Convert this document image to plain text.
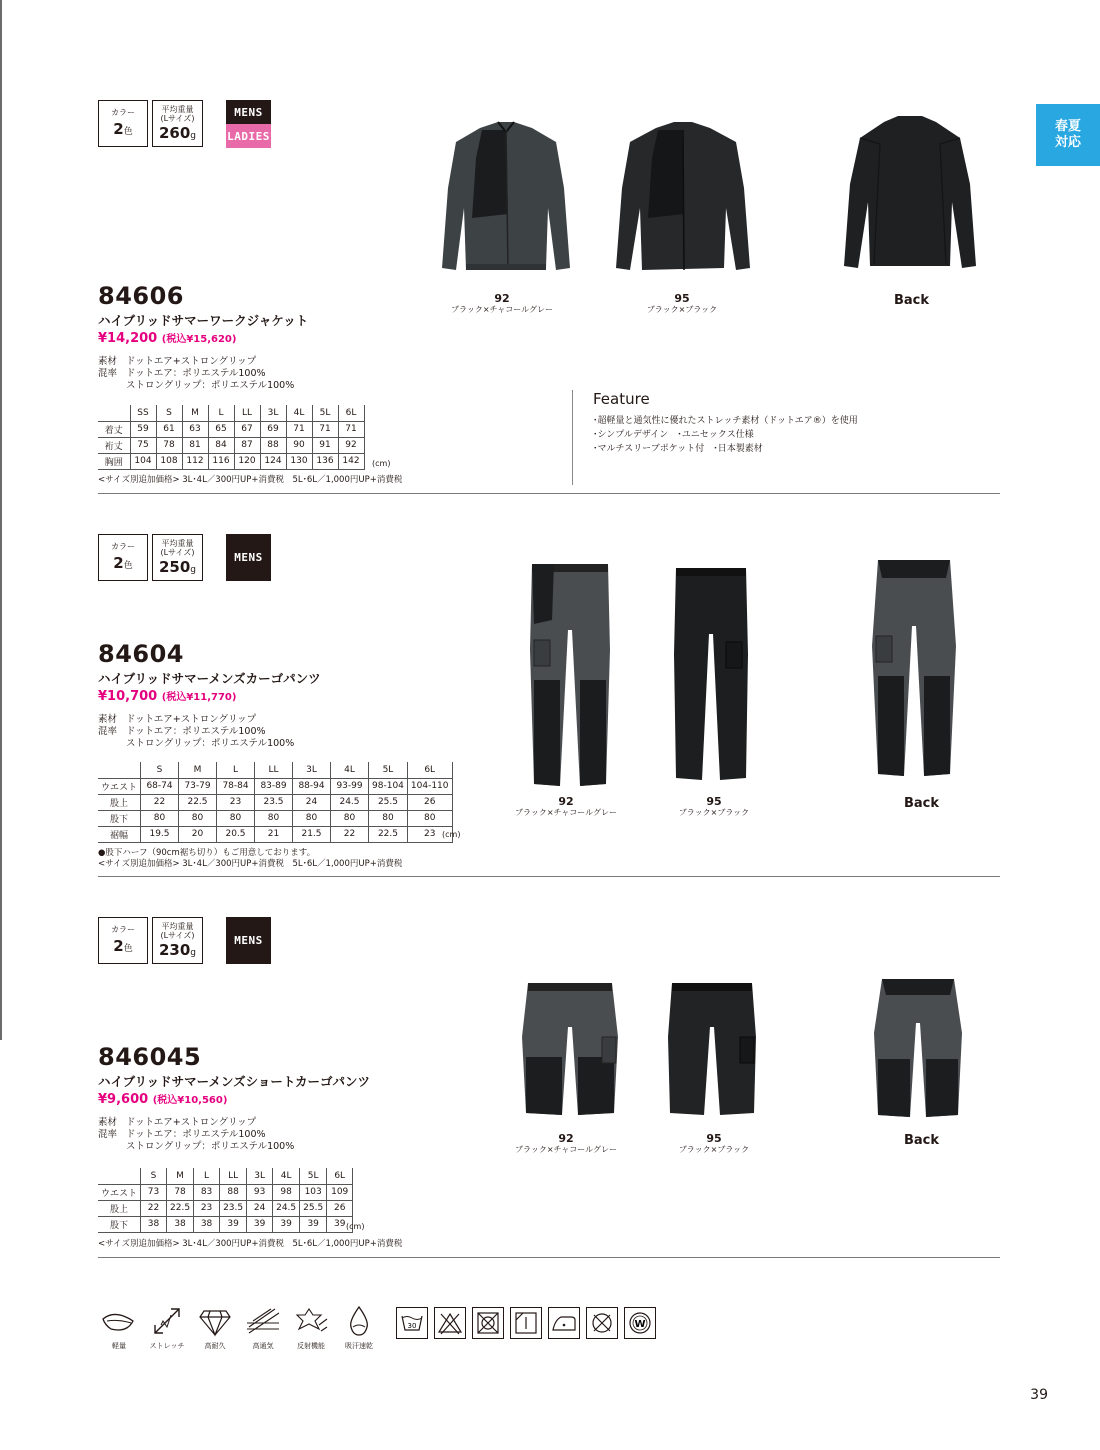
春夏
対応
カラー
2色
平均重量
(Lサイズ)
260g
MENS
LADIES
84606
ハイブリッドサマーワークジャケット
¥14,200 (税込¥15,620)
素材 ドットエア+ストロングリップ
混率 ドットエア：ポリエステル100%
ストロングリップ：ポリエステル100%
	SS	S	M	L	LL	3L	4L	5L	6L
着丈	59	61	63	65	67	69	71	71	71
裄丈	75	78	81	84	87	88	90	91	92
胸囲	104	108	112	116	120	124	130	136	142 (cm)
<サイズ別追加価格> 3L･4L／300円UP+消費税　5L･6L／1,000円UP+消費税
92
ブラック×チャコールグレー
95
ブラック×ブラック
Back
Feature
･超軽量と通気性に優れたストレッチ素材（ドットエア®）を使用
･シンプルデザイン　･ユニセックス仕様
･マルチスリーブポケット付　･日本製素材
カラー
2色
平均重量
(Lサイズ)
250g
MENS
84604
ハイブリッドサマーメンズカーゴパンツ
¥10,700 (税込¥11,770)
素材 ドットエア+ストロングリップ
混率 ドットエア：ポリエステル100%
ストロングリップ：ポリエステル100%
	S	M	L	LL	3L	4L	5L	6L
ウエスト	68-74	73-79	78-84	83-89	88-94	93-99	98-104	104-110
股上	22	22.5	23	23.5	24	24.5	25.5	26
股下	80	80	80	80	80	80	80	80
裾幅	19.5	20	20.5	21	21.5	22	22.5	23 (cm)
●股下ハーフ（90cm裾ち切り）もご用意しております。
<サイズ別追加価格> 3L･4L／300円UP+消費税　5L･6L／1,000円UP+消費税
92
ブラック×チャコールグレー
95
ブラック×ブラック
Back
カラー
2色
平均重量
(Lサイズ)
230g
MENS
846045
ハイブリッドサマーメンズショートカーゴパンツ
¥9,600 (税込¥10,560)
素材 ドットエア+ストロングリップ
混率 ドットエア：ポリエステル100%
ストロングリップ：ポリエステル100%
	S	M	L	LL	3L	4L	5L	6L
ウエスト	73	78	83	88	93	98	103	109
股上	22	22.5	23	23.5	24	24.5	25.5	26
股下	38	38	38	39	39	39	39	39 (cm)
<サイズ別追加価格> 3L･4L／300円UP+消費税　5L･6L／1,000円UP+消費税
92
ブラック×チャコールグレー
95
ブラック×ブラック
Back
軽量	ストレッチ	高耐久	高通気	反射機能	吸汗速乾
30	W
39
